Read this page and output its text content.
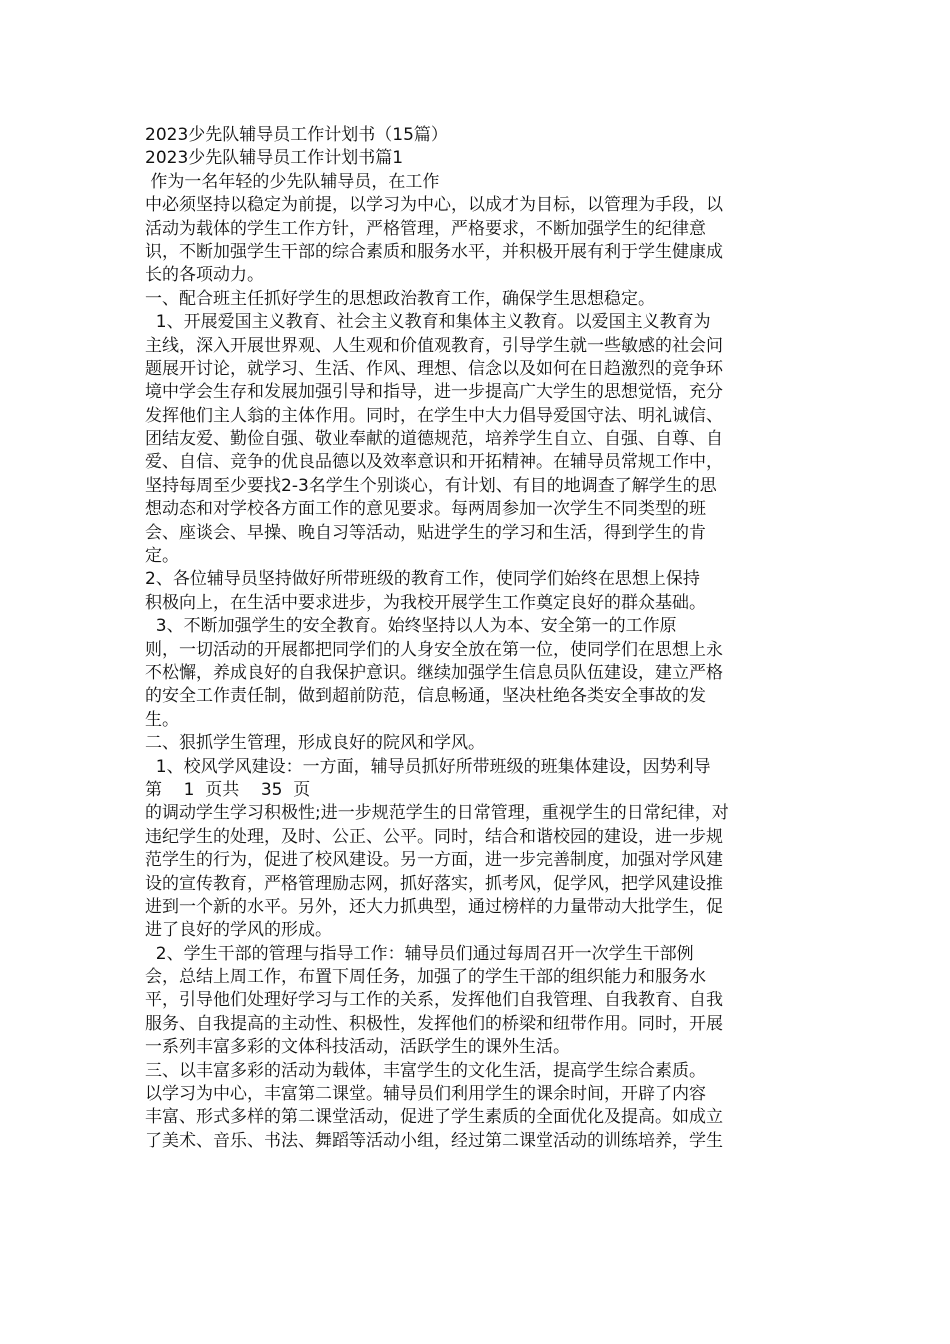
2023少先队辅导员工作计划书（15篇）
2023少先队辅导员工作计划书篇1
作为一名年轻的少先队辅导员，在工作
中必须坚持以稳定为前提，以学习为中心，以成才为目标，以管理为手段，以
活动为载体的学生工作方针，严格管理，严格要求，不断加强学生的纪律意
识，不断加强学生干部的综合素质和服务水平，并积极开展有利于学生健康成
长的各项动力。
一、配合班主任抓好学生的思想政治教育工作，确保学生思想稳定。
1、开展爱国主义教育、社会主义教育和集体主义教育。以爱国主义教育为
主线，深入开展世界观、人生观和价值观教育，引导学生就一些敏感的社会问
题展开讨论，就学习、生活、作风、理想、信念以及如何在日趋激烈的竞争环
境中学会生存和发展加强引导和指导，进一步提高广大学生的思想觉悟，充分
发挥他们主人翁的主体作用。同时，在学生中大力倡导爱国守法、明礼诚信、
团结友爱、勤俭自强、敬业奉献的道德规范，培养学生自立、自强、自尊、自
爱、自信、竞争的优良品德以及效率意识和开拓精神。在辅导员常规工作中，
坚持每周至少要找2-3名学生个别谈心，有计划、有目的地调查了解学生的思
想动态和对学校各方面工作的意见要求。每两周参加一次学生不同类型的班
会、座谈会、早操、晚自习等活动，贴进学生的学习和生活，得到学生的肯
定。
2、各位辅导员坚持做好所带班级的教育工作，使同学们始终在思想上保持
积极向上，在生活中要求进步，为我校开展学生工作奠定良好的群众基础。
3、不断加强学生的安全教育。始终坚持以人为本、安全第一的工作原
则，一切活动的开展都把同学们的人身安全放在第一位，使同学们在思想上永
不松懈，养成良好的自我保护意识。继续加强学生信息员队伍建设，建立严格
的安全工作责任制，做到超前防范，信息畅通，坚决杜绝各类安全事故的发
生。
二、狠抓学生管理，形成良好的院风和学风。
1、校风学风建设：一方面，辅导员抓好所带班级的班集体建设，因势利导
第    1  页共    35  页
的调动学生学习积极性;进一步规范学生的日常管理，重视学生的日常纪律，对
违纪学生的处理，及时、公正、公平。同时，结合和谐校园的建设，进一步规
范学生的行为，促进了校风建设。另一方面，进一步完善制度，加强对学风建
设的宣传教育，严格管理励志网，抓好落实，抓考风，促学风，把学风建设推
进到一个新的水平。另外，还大力抓典型，通过榜样的力量带动大批学生，促
进了良好的学风的形成。
2、学生干部的管理与指导工作：辅导员们通过每周召开一次学生干部例
会，总结上周工作，布置下周任务，加强了的学生干部的组织能力和服务水
平，引导他们处理好学习与工作的关系，发挥他们自我管理、自我教育、自我
服务、自我提高的主动性、积极性，发挥他们的桥梁和纽带作用。同时，开展
一系列丰富多彩的文体科技活动，活跃学生的课外生活。
三、以丰富多彩的活动为载体，丰富学生的文化生活，提高学生综合素质。
以学习为中心，丰富第二课堂。辅导员们利用学生的课余时间，开辟了内容
丰富、形式多样的第二课堂活动，促进了学生素质的全面优化及提高。如成立
了美术、音乐、书法、舞蹈等活动小组，经过第二课堂活动的训练培养，学生
